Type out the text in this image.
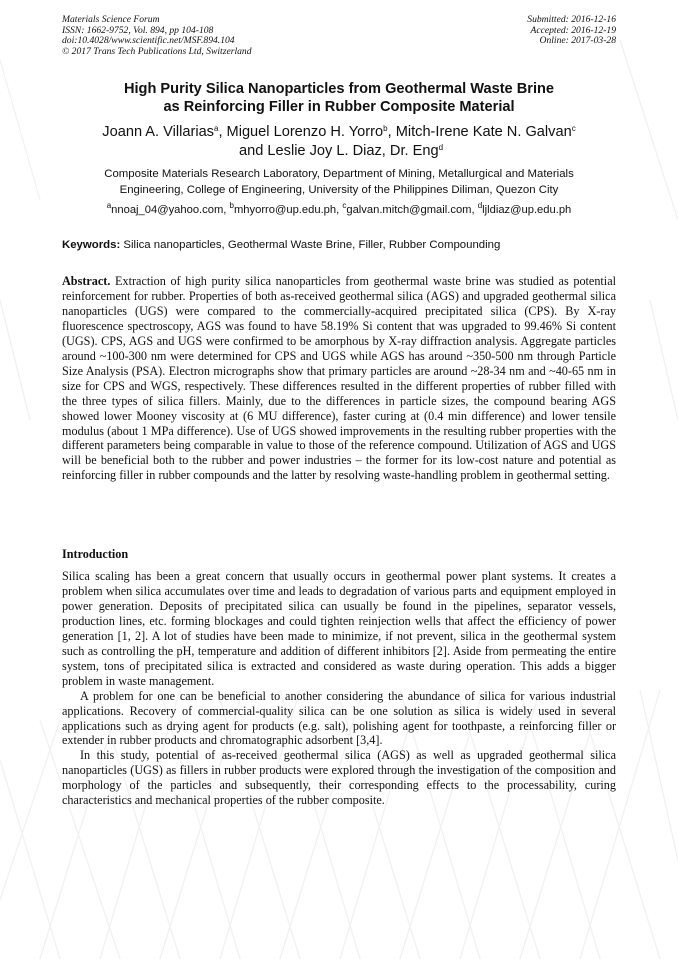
Materials Science Forum
ISSN: 1662-9752, Vol. 894, pp 104-108
doi:10.4028/www.scientific.net/MSF.894.104
© 2017 Trans Tech Publications Ltd, Switzerland
Submitted: 2016-12-16
Accepted: 2016-12-19
Online: 2017-03-28
High Purity Silica Nanoparticles from Geothermal Waste Brine
as Reinforcing Filler in Rubber Composite Material
Joann A. Villarias$^a$, Miguel Lorenzo H. Yorro$^b$, Mitch-Irene Kate N. Galvan$^c$
and Leslie Joy L. Diaz, Dr. Eng$^d$
Composite Materials Research Laboratory, Department of Mining, Metallurgical and Materials
Engineering, College of Engineering, University of the Philippines Diliman, Quezon City
$^a$nnoaj_04@yahoo.com, $^b$mhyorro@up.edu.ph, $^c$galvan.mitch@gmail.com, $^d$ljldiaz@up.edu.ph
Keywords: Silica nanoparticles, Geothermal Waste Brine, Filler, Rubber Compounding
Abstract. Extraction of high purity silica nanoparticles from geothermal waste brine was studied as potential reinforcement for rubber. Properties of both as-received geothermal silica (AGS) and upgraded geothermal silica nanoparticles (UGS) were compared to the commercially-acquired precipitated silica (CPS). By X-ray fluorescence spectroscopy, AGS was found to have 58.19% Si content that was upgraded to 99.46% Si content (UGS). CPS, AGS and UGS were confirmed to be amorphous by X-ray diffraction analysis. Aggregate particles around ~100-300 nm were determined for CPS and UGS while AGS has around ~350-500 nm through Particle Size Analysis (PSA). Electron micrographs show that primary particles are around ~28-34 nm and ~40-65 nm in size for CPS and WGS, respectively. These differences resulted in the different properties of rubber filled with the three types of silica fillers. Mainly, due to the differences in particle sizes, the compound bearing AGS showed lower Mooney viscosity at (6 MU difference), faster curing at (0.4 min difference) and lower tensile modulus (about 1 MPa difference). Use of UGS showed improvements in the resulting rubber properties with the different parameters being comparable in value to those of the reference compound. Utilization of AGS and UGS will be beneficial both to the rubber and power industries – the former for its low-cost nature and potential as reinforcing filler in rubber compounds and the latter by resolving waste-handling problem in geothermal setting.
Introduction

Silica scaling has been a great concern that usually occurs in geothermal power plant systems. It creates a problem when silica accumulates over time and leads to degradation of various parts and equipment employed in power generation. Deposits of precipitated silica can usually be found in the pipelines, separator vessels, production lines, etc. forming blockages and could tighten reinjection wells that affect the efficiency of power generation [1, 2]. A lot of studies have been made to minimize, if not prevent, silica in the geothermal system such as controlling the pH, temperature and addition of different inhibitors [2]. Aside from permeating the entire system, tons of precipitated silica is extracted and considered as waste during operation. This adds a bigger problem in waste management.

A problem for one can be beneficial to another considering the abundance of silica for various industrial applications. Recovery of commercial-quality silica can be one solution as silica is widely used in several applications such as drying agent for products (e.g. salt), polishing agent for toothpaste, a reinforcing filler or extender in rubber products and chromatographic adsorbent [3,4].

In this study, potential of as-received geothermal silica (AGS) as well as upgraded geothermal silica nanoparticles (UGS) as fillers in rubber products were explored through the investigation of the composition and morphology of the particles and subsequently, their corresponding effects to the processability, curing characteristics and mechanical properties of the rubber composite.
